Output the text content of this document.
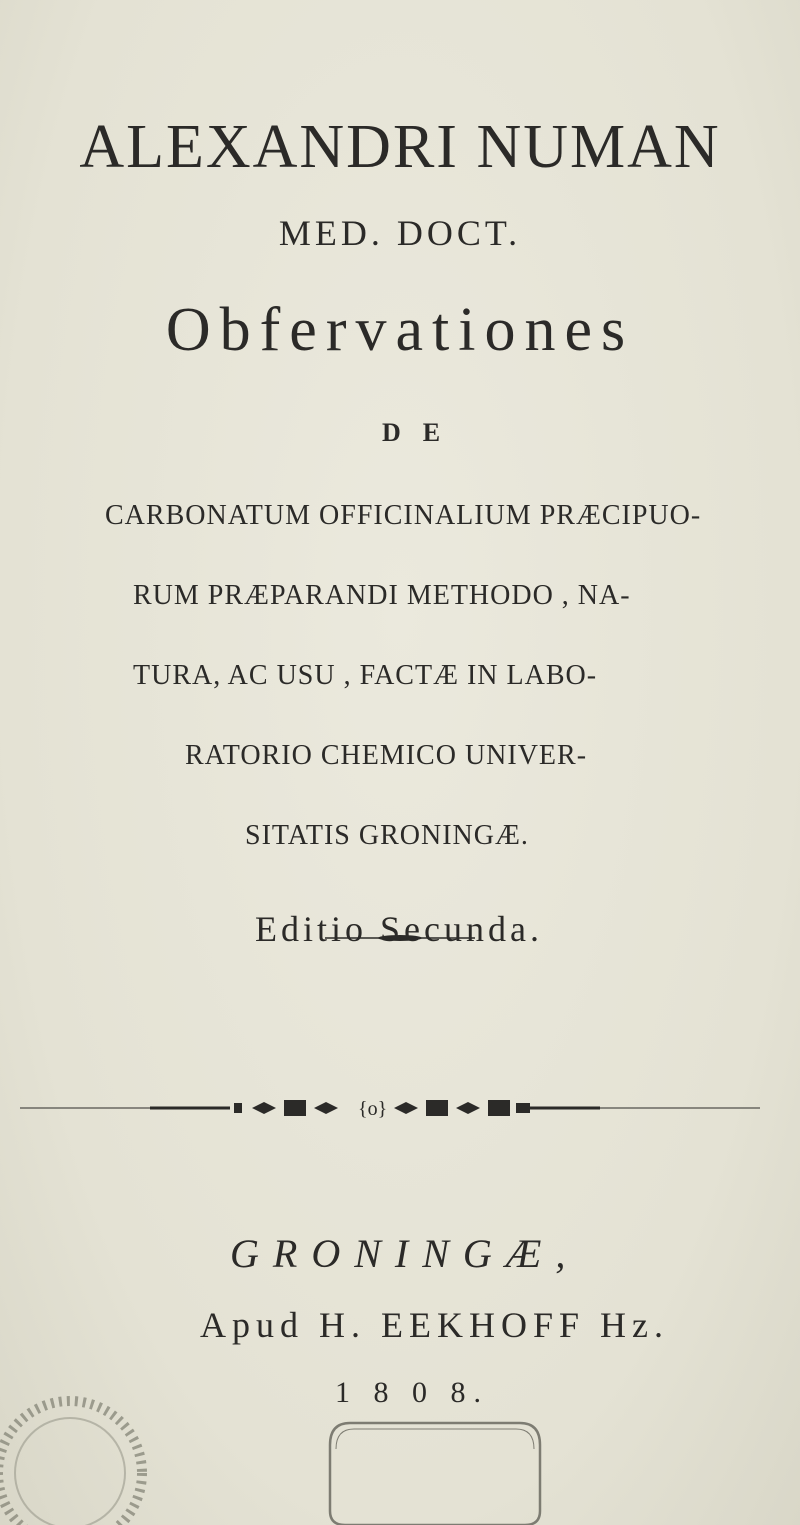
ALEXANDRI NUMAN
MED. DOCT.
Obfervationes
DE
CARBONATUM OFFICINALIUM PRÆCIPUO-
RUM PRÆPARANDI METHODO , NA-
TURA, AC USU , FACTÆ IN LABO-
RATORIO CHEMICO UNIVER-
SITATIS GRONINGÆ.
Editio Secunda.
{o}
GRONINGÆ,
Apud H. EEKHOFF Hz.
1 8 0 8.
